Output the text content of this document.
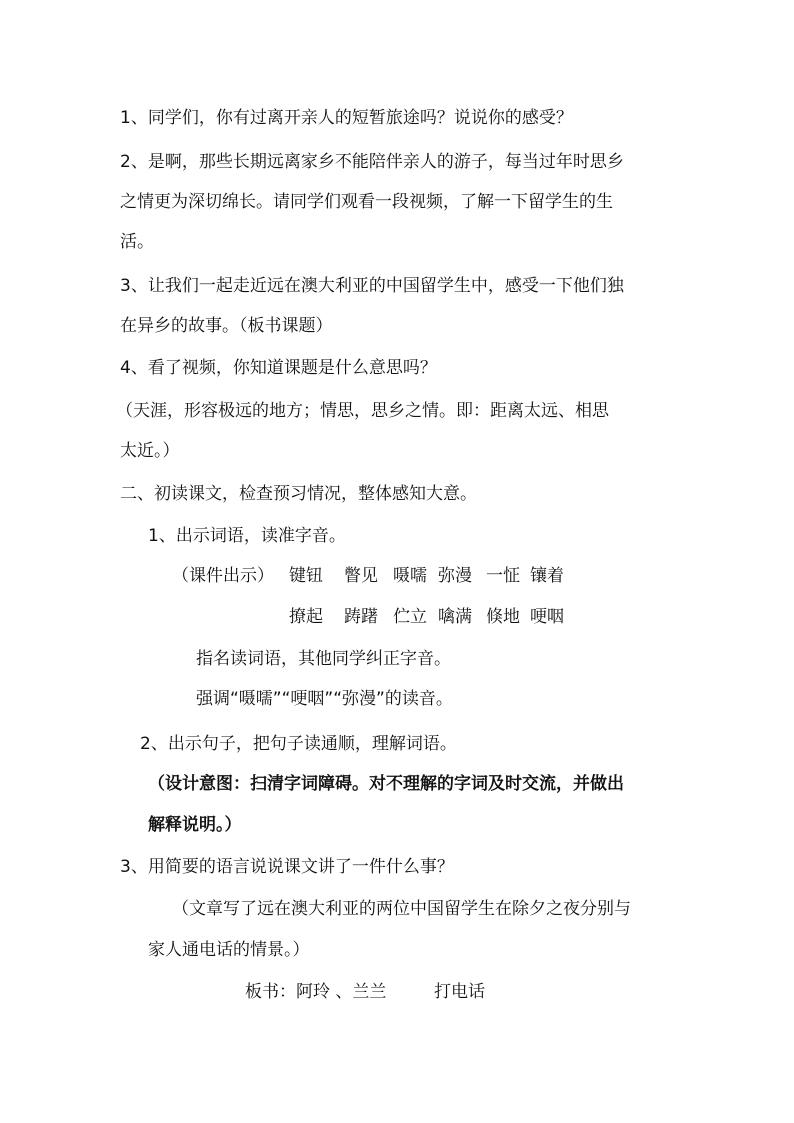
1、同学们，你有过离开亲人的短暂旅途吗？说说你的感受？
2、是啊，那些长期远离家乡不能陪伴亲人的游子，每当过年时思乡
之情更为深切绵长。请同学们观看一段视频，了解一下留学生的生
活。
3、让我们一起走近远在澳大利亚的中国留学生中，感受一下他们独
在异乡的故事。（板书课题）
4、看了视频，你知道课题是什么意思吗？
（天涯，形容极远的地方；情思，思乡之情。即：距离太远、相思
太近。）
二、初读课文，检查预习情况，整体感知大意。
1、出示词语，读准字音。
（课件出示） 键钮 瞥见 嗫嚅 弥漫 一怔 镶着
撩起 踌躇 伫立 噙满 倏地 哽咽
指名读词语，其他同学纠正字音。
强调“嗫嚅”“哽咽”“弥漫”的读音。
2、出示句子，把句子读通顺，理解词语。
（设计意图：扫清字词障碍。对不理解的字词及时交流，并做出
解释说明。）
3、用简要的语言说说课文讲了一件什么事？
（文章写了远在澳大利亚的两位中国留学生在除夕之夜分别与
家人通电话的情景。）
板书：阿玲 、兰兰	打电话
